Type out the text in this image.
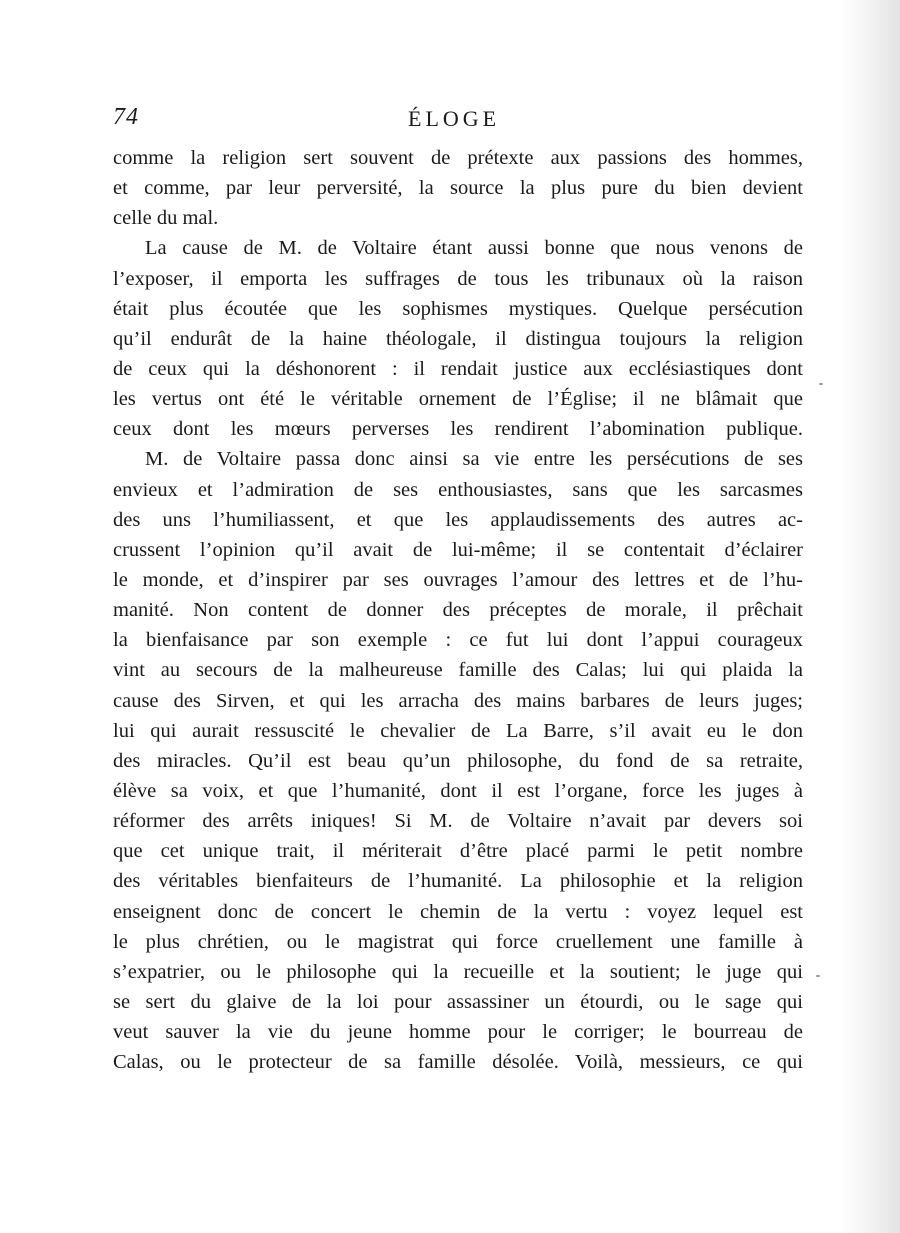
74	ÉLOGE
comme la religion sert souvent de prétexte aux passions des hommes,
et comme, par leur perversité, la source la plus pure du bien devient
celle du mal.
La cause de M. de Voltaire étant aussi bonne que nous venons de
l’exposer, il emporta les suffrages de tous les tribunaux où la raison
était plus écoutée que les sophismes mystiques. Quelque persécution
qu’il endurât de la haine théologale, il distingua toujours la religion
de ceux qui la déshonorent : il rendait justice aux ecclésiastiques dont
les vertus ont été le véritable ornement de l’Église; il ne blâmait que
ceux dont les mœurs perverses les rendirent l’abomination publique.
M. de Voltaire passa donc ainsi sa vie entre les persécutions de ses
envieux et l’admiration de ses enthousiastes, sans que les sarcasmes
des uns l’humiliassent, et que les applaudissements des autres ac-
crussent l’opinion qu’il avait de lui-même; il se contentait d’éclairer
le monde, et d’inspirer par ses ouvrages l’amour des lettres et de l’hu-
manité. Non content de donner des préceptes de morale, il prêchait
la bienfaisance par son exemple : ce fut lui dont l’appui courageux
vint au secours de la malheureuse famille des Calas; lui qui plaida la
cause des Sirven, et qui les arracha des mains barbares de leurs juges;
lui qui aurait ressuscité le chevalier de La Barre, s’il avait eu le don
des miracles. Qu’il est beau qu’un philosophe, du fond de sa retraite,
élève sa voix, et que l’humanité, dont il est l’organe, force les juges à
réformer des arrêts iniques! Si M. de Voltaire n’avait par devers soi
que cet unique trait, il mériterait d’être placé parmi le petit nombre
des véritables bienfaiteurs de l’humanité. La philosophie et la religion
enseignent donc de concert le chemin de la vertu : voyez lequel est
le plus chrétien, ou le magistrat qui force cruellement une famille à
s’expatrier, ou le philosophe qui la recueille et la soutient; le juge qui
se sert du glaive de la loi pour assassiner un étourdi, ou le sage qui
veut sauver la vie du jeune homme pour le corriger; le bourreau de
Calas, ou le protecteur de sa famille désolée. Voilà, messieurs, ce qui
